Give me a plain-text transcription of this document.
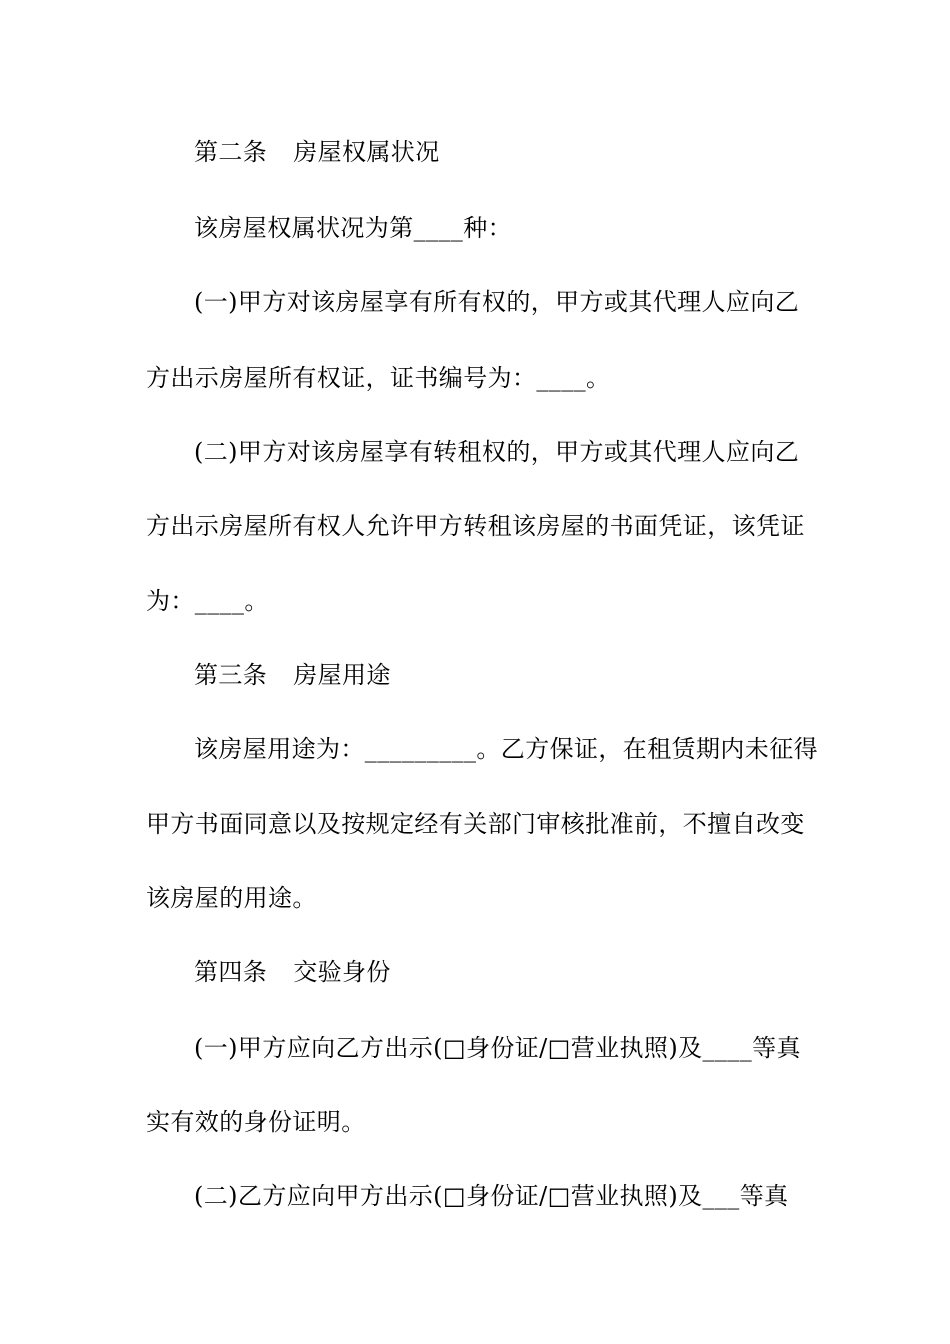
第二条 房屋权属状况
该房屋权属状况为第____种：
(一)甲方对该房屋享有所有权的，甲方或其代理人应向乙
方出示房屋所有权证，证书编号为：____。
(二)甲方对该房屋享有转租权的，甲方或其代理人应向乙
方出示房屋所有权人允许甲方转租该房屋的书面凭证，该凭证
为：____。
第三条 房屋用途
该房屋用途为：_________。乙方保证，在租赁期内未征得
甲方书面同意以及按规定经有关部门审核批准前，不擅自改变
该房屋的用途。
第四条 交验身份
(一)甲方应向乙方出示(□身份证/□营业执照)及____等真
实有效的身份证明。
(二)乙方应向甲方出示(□身份证/□营业执照)及___等真
